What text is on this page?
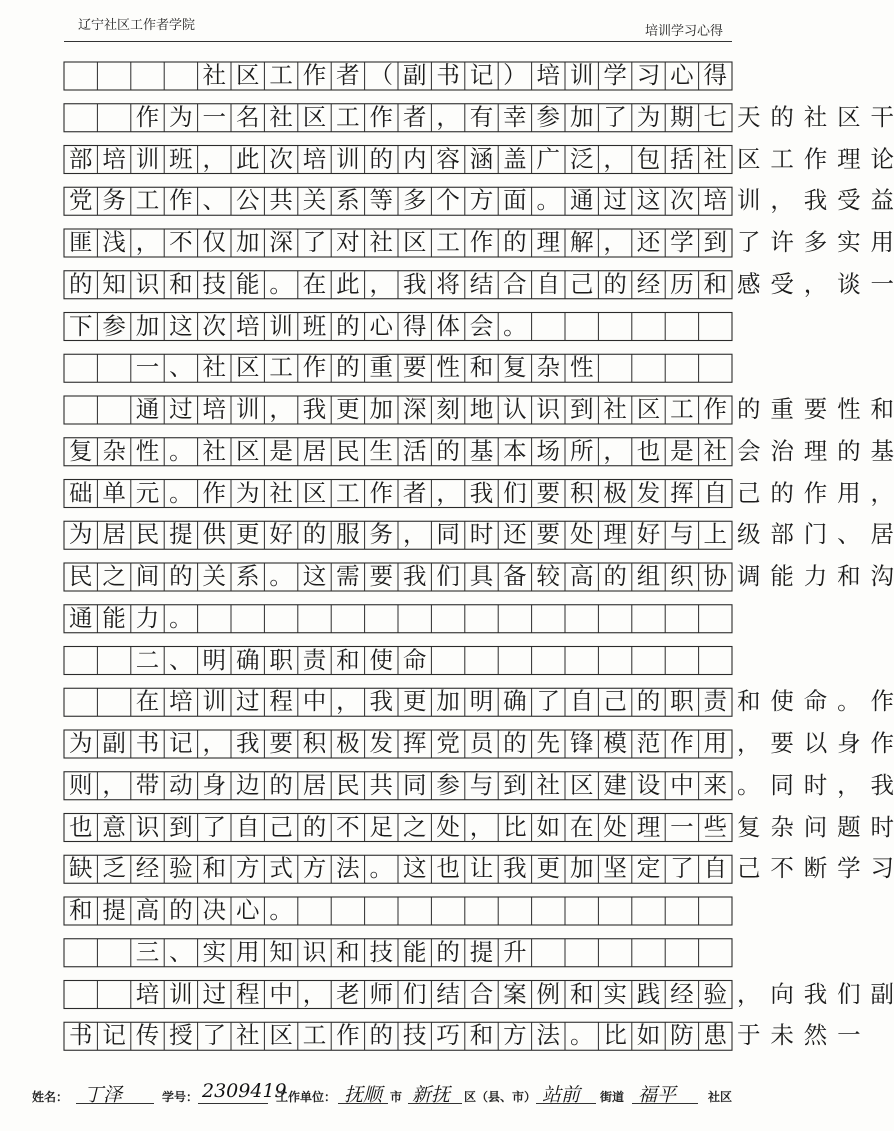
辽宁社区工作者学院	培训学习心得
社 区 工 作 者 （ 副 书 记 ） 培 训 学 习 心 得
作 为 一 名 社 区 工 作 者 ， 有 幸 参 加 了 为 期 七 天 的 社 区 干
部 培 训 班 ， 此 次 培 训 的 内 容 涵 盖 广 泛 ， 包 括 社 区 工 作 理 论
党 务 工 作 、 公 共 关 系 等 多 个 方 面 。 通 过 这 次 培 训 ， 我 受 益
匪 浅 ， 不 仅 加 深 了 对 社 区 工 作 的 理 解 ， 还 学 到 了 许 多 实 用
的 知 识 和 技 能 。 在 此 ， 我 将 结 合 自 己 的 经 历 和 感 受 ， 谈 一
下 参 加 这 次 培 训 班 的 心 得 体 会 。
一 、 社 区 工 作 的 重 要 性 和 复 杂 性
通 过 培 训 ， 我 更 加 深 刻 地 认 识 到 社 区 工 作 的 重 要 性 和
复 杂 性 。 社 区 是 居 民 生 活 的 基 本 场 所 ， 也 是 社 会 治 理 的 基
础 单 元 。 作 为 社 区 工 作 者 ， 我 们 要 积 极 发 挥 自 己 的 作 用 ，
为 居 民 提 供 更 好 的 服 务 ， 同 时 还 要 处 理 好 与 上 级 部 门 、 居
民 之 间 的 关 系 。 这 需 要 我 们 具 备 较 高 的 组 织 协 调 能 力 和 沟
通 能 力 。
二 、 明 确 职 责 和 使 命
在 培 训 过 程 中 ， 我 更 加 明 确 了 自 己 的 职 责 和 使 命 。 作
为 副 书 记 ， 我 要 积 极 发 挥 党 员 的 先 锋 模 范 作 用 ， 要 以 身 作
则 ， 带 动 身 边 的 居 民 共 同 参 与 到 社 区 建 设 中 来 。 同 时 ， 我
也 意 识 到 了 自 己 的 不 足 之 处 ， 比 如 在 处 理 一 些 复 杂 问 题 时
缺 乏 经 验 和 方 式 方 法 。 这 也 让 我 更 加 坚 定 了 自 己 不 断 学 习
和 提 高 的 决 心 。
三 、 实 用 知 识 和 技 能 的 提 升
培 训 过 程 中 ， 老 师 们 结 合 案 例 和 实 践 经 验 ， 向 我 们 副
书 记 传 授 了 社 区 工 作 的 技 巧 和 方 法 。 比 如 防 患 于 未 然 一
姓名： 丁泽	学号： 2309419
工作单位： 抚顺 市 新抚 区（县、市） 站前 街道 福平	社区
